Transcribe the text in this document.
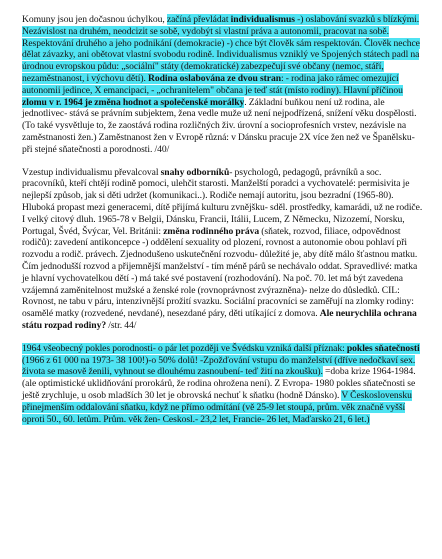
Komuny jsou jen dočasnou úchylkou, začíná převládat individualismus -) oslabování svazků s blízkými. Nezávislost na druhém, neodcizit se sobě, vydobýt si vlastní práva a autonomii, pracovat na sobě. Respektování druhého a jeho podnikání (demokracie) -) chce být člověk sám respektován. Člověk nechce dělat závazky, ani obětovat vlastní svobodu rodině. Individualismus vzniklý ve Spojených státech padl na úrodnou evropskou půdu: „sociální" státy (demokratické) zabezpečují své občany (nemoc, stáří, nezaměstnanost, i výchovu dětí). Rodina oslabována ze dvou stran: - rodina jako rámec omezující autonomii jedince, X emancipaci, - „ochranitelem" občana je teď stát (místo rodiny). Hlavní příčinou zlomu v r. 1964 je změna hodnot a společenské morálky. Základní buňkou není už rodina, ale jednotlivec- stává se právním subjektem, žena vedle muže už není nejpodřízená, snížení věku dospělosti. (To také vysvětluje to, že zaostává rodina rozličných živ. úrovní a socioprofesních vrstev, nezávisle na zaměstnanosti žen.) Zaměstnanost žen v Evropě různá: v Dánsku pracuje 2X více žen než ve Španělsku- při stejné sňatečnosti a porodnosti. /40/

Vzestup individualismu převalcoval snahy odborníků- psychologů, pedagogů, právníků a soc. pracovníků, kteří chtějí rodině pomoci, ulehčit starosti. Manželští poradci a vychovatelé: permisivita je nejlepší způsob, jak si děti udržet (komunikaci..). Rodiče nemají autoritu, jsou bezradní (1965-80). Hluboká propast mezi generacemi, dítě přijímá kulturu zvnějšku- sděl. prostředky, kamarádi, už ne rodiče. I velký citový dluh. 1965-78 v Belgii, Dánsku, Francii, Itálii, Lucem, Z Německu, Nizozemí, Norsku, Portugal, Švéd, Švýcar, Vel. Británii: změna rodinného práva (sňatek, rozvod, filiace, odpovědnost rodičů): zavedení antikoncepce -) oddělení sexuality od plození, rovnost a autonomie obou pohlaví při rozvodu a rodič. právech. Zjednodušeno uskutečnění rozvodu- důležité je, aby dítě málo šťastnou matku. Čím jednodušší rozvod a přijemnější manželství - tím méně párů se nechávalo oddat. Spravedlivé: matka je hlavní vychovatelkou dětí -) má také své postavení (rozhodování). Na poč. 70. let má být zavedena vzájemná zaměnitelnost mužské a ženské role (rovnoprávnost zvýrazněna)- nelze do důsledků. CIL: Rovnost, ne tabu v páru, intenzivnější prožití svazku. Sociální pracovníci se zaměřují na zlomky rodiny: osamělé matky (rozvedené, nevdané), nesezdané páry, děti utíkající z domova. Ale neurychlila ochrana státu rozpad rodiny? /str. 44/

1964 všeobecný pokles porodnosti- o pár let později ve Švédsku vzniká další příznak: pokles sňatečnosti (1966 z 61 000 na 1973- 38 100!)-o 50% dolů! -Zpožďování vstupu do manželství (dříve nedočkaví sex. života se masově ženili, vyhnout se dlouhému zasnoubení- teď žití na zkoušku). =doba krize 1964-1984. (ale optimistické uklidňování prorokárů, že rodina ohrožena není). Z Evropa- 1980 pokles sňatečnosti se ještě zrychluje, u osob mladších 30 let je obrovská nechuť k sňatku (hodně Dánsko). V Československu přinejmenším oddalování sňatku, když ne přímo odmítání (vě 25-9 let stoupá, prům. věk značně vyšší oproti 50., 60. letům. Prům. věk žen- Ceskosl.- 23,2 let, Francie- 26 let, Maďarsko 21, 6 let.)
